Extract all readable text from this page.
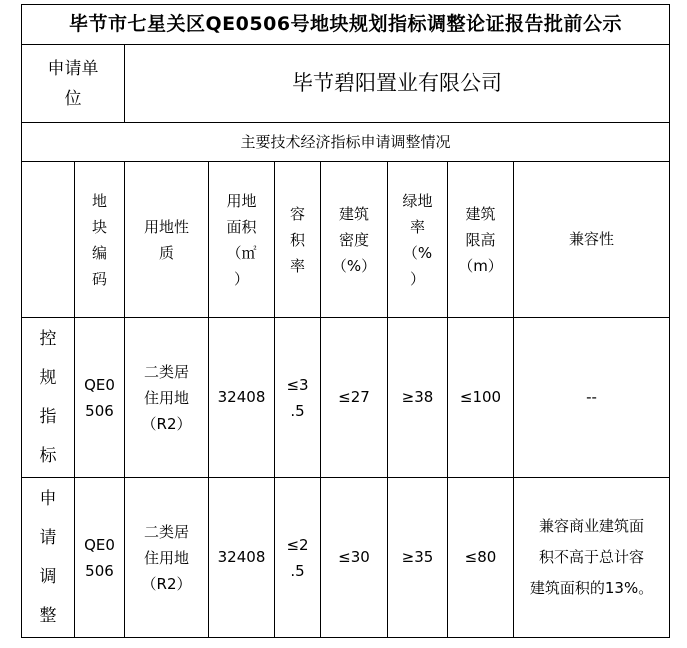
毕节市七星关区QE0506号地块规划指标调整论证报告批前公示								

申请单
位		毕节碧阳置业有限公司						
主要技术经济指标申请调整情况								

	地
块
编
码	用地性
质	用地
面积
（㎡
）	容
积
率	建筑
密度
（%）	绿地
率
（%
）	建筑
限高
（m）	兼容性

控
规
指
标	QE0
506	二类居
住用地
（R2）	32408	≤3
.5	≤27	≥38	≤100	--

申
请
调
整	QE0
506	二类居
住用地
（R2）	32408	≤2
.5	≤30	≥35	≤80	兼容商业建筑面
积不高于总计容
建筑面积的13%。
